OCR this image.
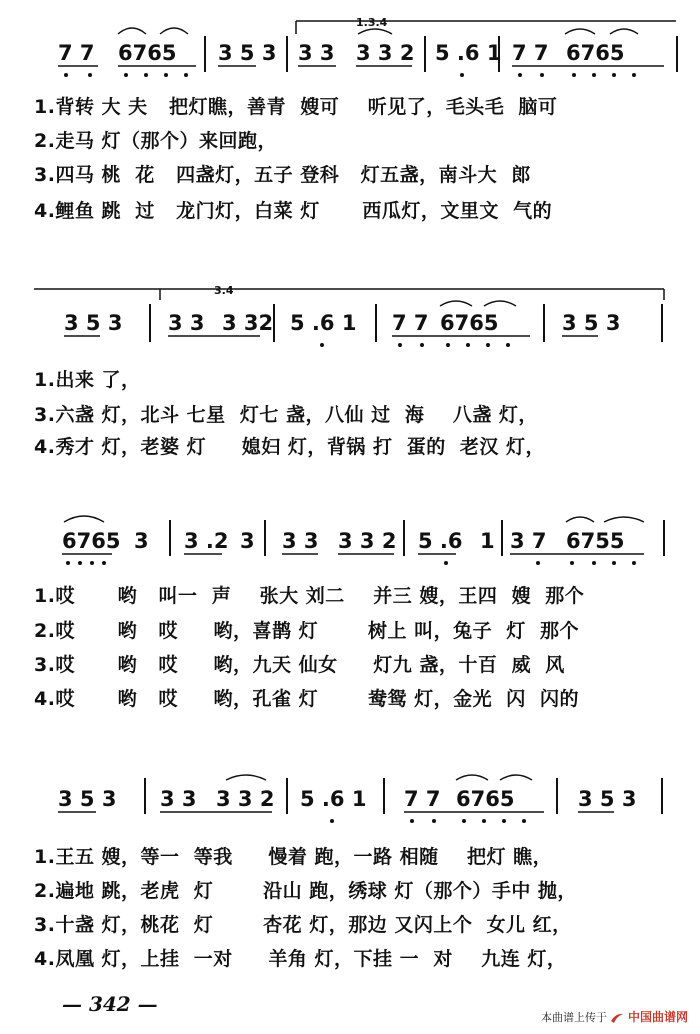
1.3.4
7 7 6765 3 5 3 3 3 3 3 2 5 .6 1 7 7 6765
1.背转 大 夫   把灯瞧，善青  嫂可    听见了，毛头毛  脑可
2.走马 灯（那个）来回跑，
3.四马 桃  花   四盏灯，五子 登科   灯五盏，南斗大  郎
4.鲤鱼 跳  过   龙门灯，白菜 灯      西瓜灯，文里文  气的
3.4
3 5 3 3 3 3 32 5 .6 1 7 7 6765	3 5 3
1.出来 了，
3.六盏 灯，北斗 七星  灯七 盏，八仙 过  海    八盏 灯，
4.秀才 灯，老婆 灯     媳妇 灯，背锅 打  蛋的  老汉 灯，
6765 3 3 .2 3 3 3 3 3 2 5 .6 1 3 7 6755
1.哎      哟   叫一  声    张大 刘二    并三 嫂，王四  嫂  那个
2.哎      哟   哎     哟，喜鹊 灯       树上 叫，兔子  灯  那个
3.哎      哟   哎     哟，九天 仙女     灯九 盏，十百  威  风
4.哎      哟   哎     哟，孔雀 灯       鸯鸳 灯，金光  闪  闪的
3 5 3 3 3 3 3 2 5 .6 1 7 7 6765	3 5 3
1.王五 嫂，等一  等我     慢着 跑，一路 相随    把灯 瞧，
2.遍地 跳，老虎  灯       沿山 跑，绣球 灯（那个）手中 抛，
3.十盏 灯，桃花  灯       杏花 灯，那边 又闪上个  女儿 红，
4.凤凰 灯，上挂  一对     羊角 灯，下挂 一  对    九连 灯，
— 342 —
本曲谱上传于 中国曲谱网
